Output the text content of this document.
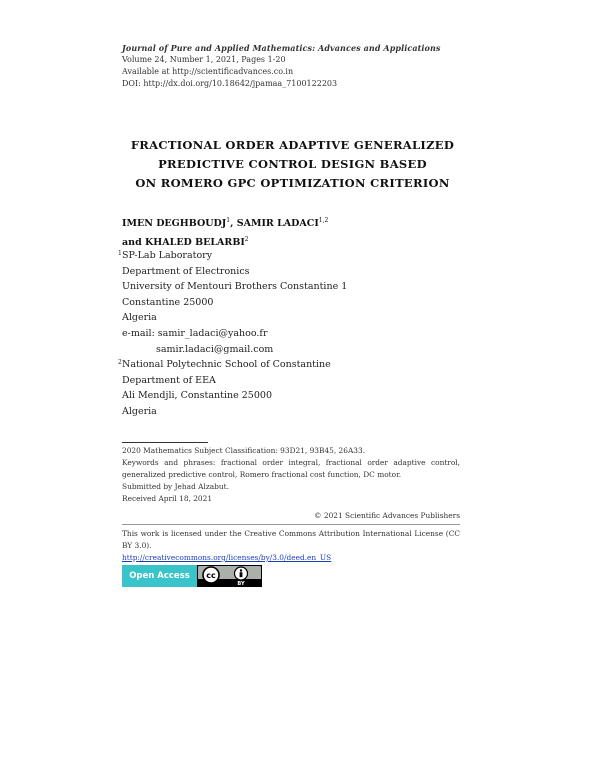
Journal of Pure and Applied Mathematics: Advances and Applications
Volume 24, Number 1, 2021, Pages 1-20
Available at http://scientificadvances.co.in
DOI: http://dx.doi.org/10.18642/jpamaa_7100122203
FRACTIONAL ORDER ADAPTIVE GENERALIZED
PREDICTIVE CONTROL DESIGN BASED
ON ROMERO GPC OPTIMIZATION CRITERION
IMEN DEGHBOUDJ$^1$, SAMIR LADACI$^{1,2}$
and KHALED BELARBI$^2$
1 SP-Lab Laboratory
Department of Electronics
University of Mentouri Brothers Constantine 1
Constantine 25000
Algeria
e-mail: samir_ladaci@yahoo.fr
samir.ladaci@gmail.com
2 National Polytechnic School of Constantine
Department of EEA
Ali Mendjli, Constantine 25000
Algeria
2020 Mathematics Subject Classification: 93D21, 93B45, 26A33.
Keywords and phrases: fractional order integral, fractional order adaptive control, generalized predictive control, Romero fractional cost function, DC motor.
Submitted by Jehad Alzabut.
Received April 18, 2021
© 2021 Scientific Advances Publishers
This work is licensed under the Creative Commons Attribution International License (CC BY 3.0).
http://creativecommons.org/licenses/by/3.0/deed.en_US
Open Access	cc
BY
